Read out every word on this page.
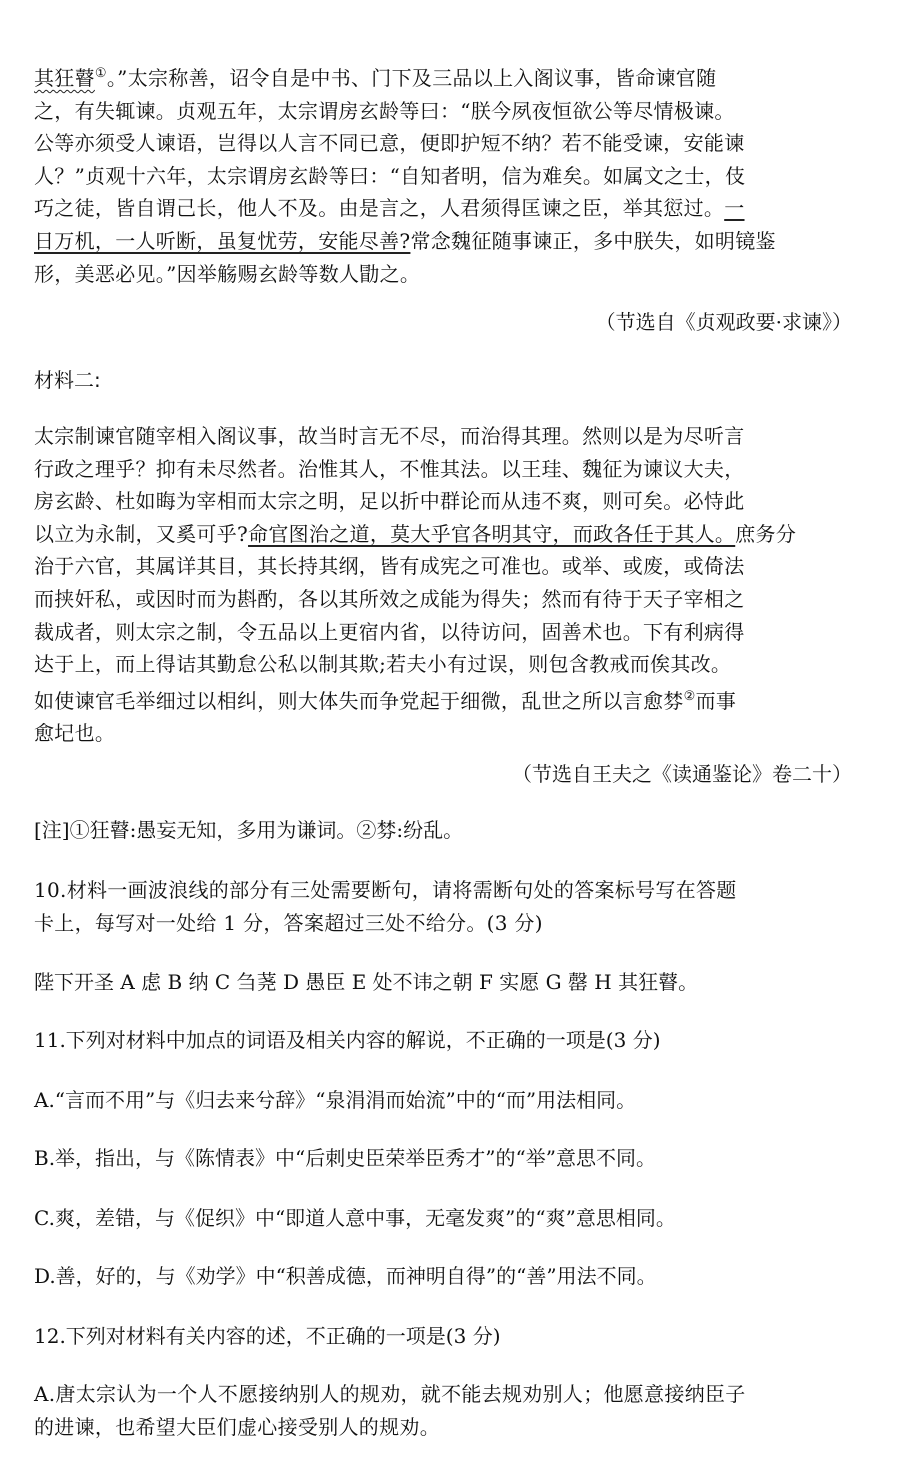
其狂瞽①。”太宗称善，诏令自是中书、门下及三品以上入阁议事，皆命谏官随
之，有失辄谏。贞观五年，太宗谓房玄龄等曰：“朕今夙夜恒欲公等尽情极谏。
公等亦须受人谏语，岂得以人言不同已意，便即护短不纳？若不能受谏，安能谏
人？”贞观十六年，太宗谓房玄龄等曰：“自知者明，信为难矣。如属文之士，伎
巧之徒，皆自谓己长，他人不及。由是言之，人君须得匡谏之臣，举其愆过。一
日万机，一人听断，虽复忧劳，安能尽善?常念魏征随事谏正，多中朕失，如明镜鉴
形，美恶必见。”因举觞赐玄龄等数人勖之。

（节选自《贞观政要·求谏》）

材料二:

太宗制谏官随宰相入阁议事，故当时言无不尽，而治得其理。然则以是为尽听言
行政之理乎？抑有未尽然者。治惟其人，不惟其法。以王珪、魏征为谏议大夫，
房玄龄、杜如晦为宰相而太宗之明，足以折中群论而从违不爽，则可矣。必恃此
以立为永制，又奚可乎?命官图治之道，莫大乎官各明其守，而政各任于其人。庶务分
治于六官，其属详其目，其长持其纲，皆有成宪之可准也。或举、或废，或倚法
而挟奸私，或因时而为斟酌，各以其所效之成能为得失；然而有待于天子宰相之
裁成者，则太宗之制，令五品以上更宿内省，以待访问，固善术也。下有利病得
达于上，而上得诘其勤怠公私以制其欺;若夫小有过误，则包含教戒而俟其改。
如使谏官毛举细过以相纠，则大体失而争党起于细微，乱世之所以言愈棼②而事
愈圮也。

（节选自王夫之《读通鉴论》卷二十）

[注]①狂瞽:愚妄无知，多用为谦词。②棼:纷乱。

10.材料一画波浪线的部分有三处需要断句，请将需断句处的答案标号写在答题
卡上，每写对一处给 1 分，答案超过三处不给分。(3 分)

陛下开圣 A 虑 B 纳 C 刍荛 D 愚臣 E 处不讳之朝 F 实愿 G 罄 H 其狂瞽。

11.下列对材料中加点的词语及相关内容的解说，不正确的一项是(3 分)

A.“言而不用”与《归去来兮辞》“泉涓涓而始流”中的“而”用法相同。

B.举，指出，与《陈情表》中“后刺史臣荣举臣秀才”的“举”意思不同。

C.爽，差错，与《促织》中“即道人意中事，无毫发爽”的“爽”意思相同。

D.善，好的，与《劝学》中“积善成德，而神明自得”的“善”用法不同。

12.下列对材料有关内容的述，不正确的一项是(3 分)

A.唐太宗认为一个人不愿接纳别人的规劝，就不能去规劝别人；他愿意接纳臣子
的进谏，也希望大臣们虚心接受别人的规劝。
